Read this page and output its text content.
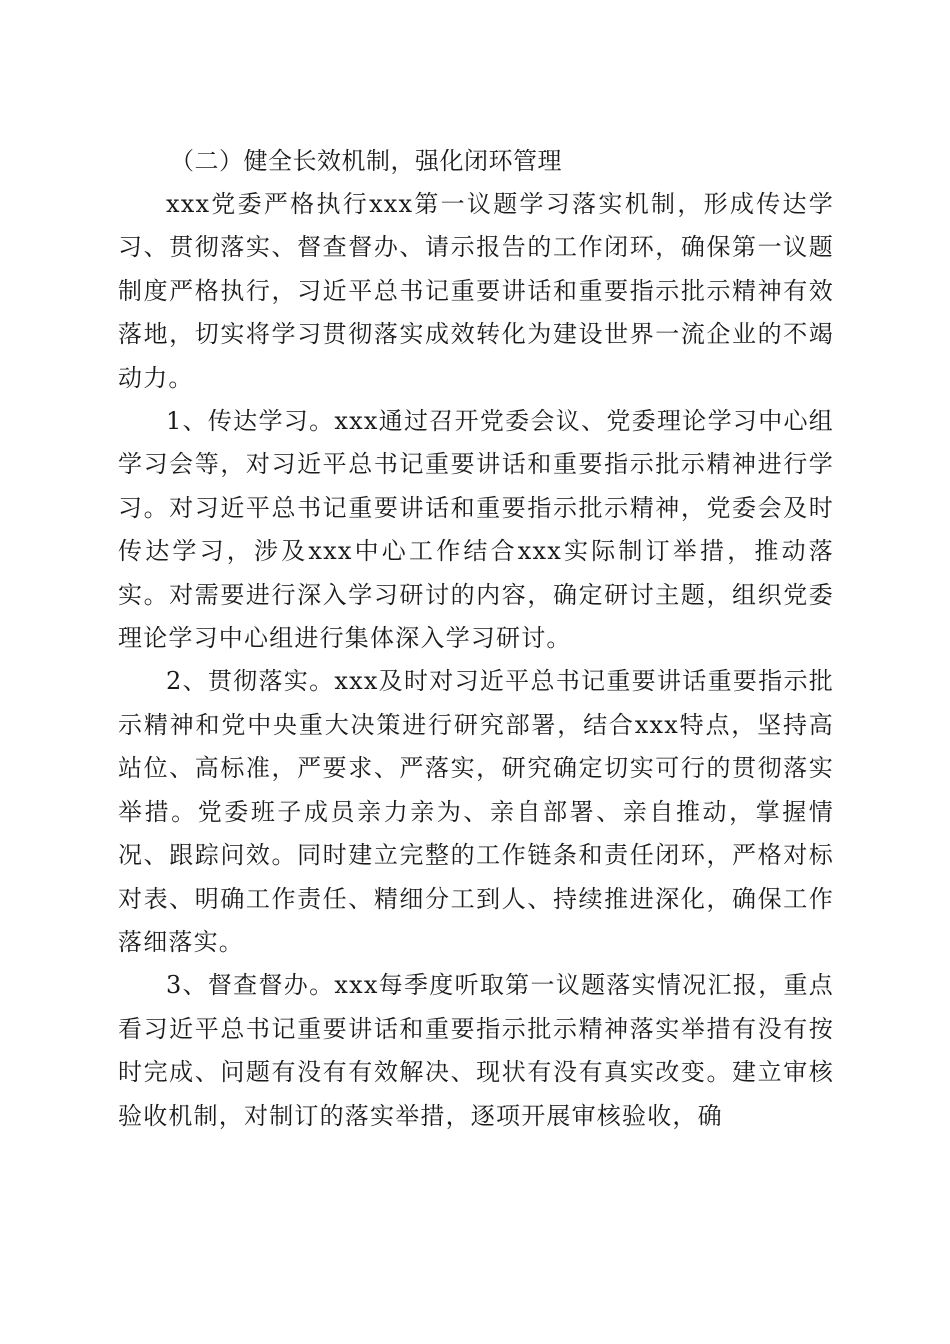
（二）健全长效机制，强化闭环管理

xxx党委严格执行xxx第一议题学习落实机制，形成传达学习、贯彻落实、督查督办、请示报告的工作闭环，确保第一议题制度严格执行，习近平总书记重要讲话和重要指示批示精神有效落地，切实将学习贯彻落实成效转化为建设世界一流企业的不竭动力。

1、传达学习。xxx通过召开党委会议、党委理论学习中心组学习会等，对习近平总书记重要讲话和重要指示批示精神进行学习。对习近平总书记重要讲话和重要指示批示精神，党委会及时传达学习，涉及xxx中心工作结合xxx实际制订举措，推动落实。对需要进行深入学习研讨的内容，确定研讨主题，组织党委理论学习中心组进行集体深入学习研讨。

2、贯彻落实。xxx及时对习近平总书记重要讲话重要指示批示精神和党中央重大决策进行研究部署，结合xxx特点，坚持高站位、高标准，严要求、严落实，研究确定切实可行的贯彻落实举措。党委班子成员亲力亲为、亲自部署、亲自推动，掌握情况、跟踪问效。同时建立完整的工作链条和责任闭环，严格对标对表、明确工作责任、精细分工到人、持续推进深化，确保工作落细落实。

3、督查督办。xxx每季度听取第一议题落实情况汇报，重点看习近平总书记重要讲话和重要指示批示精神落实举措有没有按时完成、问题有没有有效解决、现状有没有真实改变。建立审核验收机制，对制订的落实举措，逐项开展审核验收，确
